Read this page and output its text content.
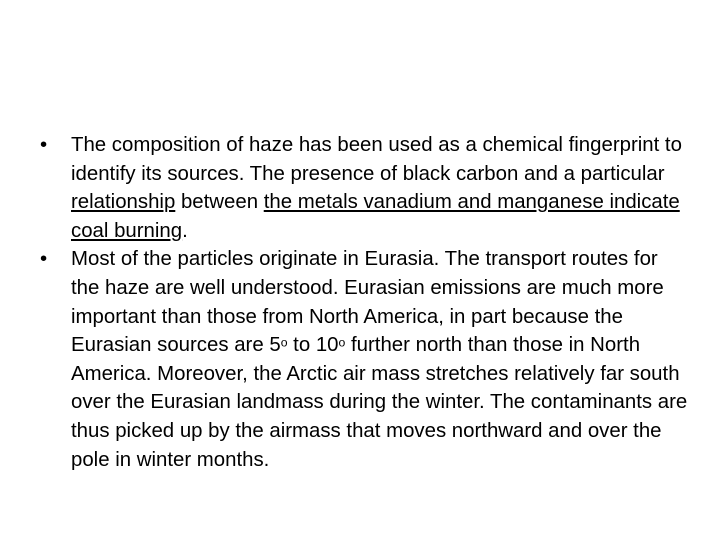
•	The composition of haze has been used as a chemical fingerprint to identify its sources. The presence of black carbon and a particular relationship between the metals vanadium and manganese indicate coal burning.
•	Most of the particles originate in Eurasia. The transport routes for the haze are well understood. Eurasian emissions are much more important than those from North America, in part because the Eurasian sources are 5$^o$ to 10$^o$ further north than those in North America. Moreover, the Arctic air mass stretches relatively far south over the Eurasian landmass during the winter. The contaminants are thus picked up by the airmass that moves northward and over the pole in winter months.
